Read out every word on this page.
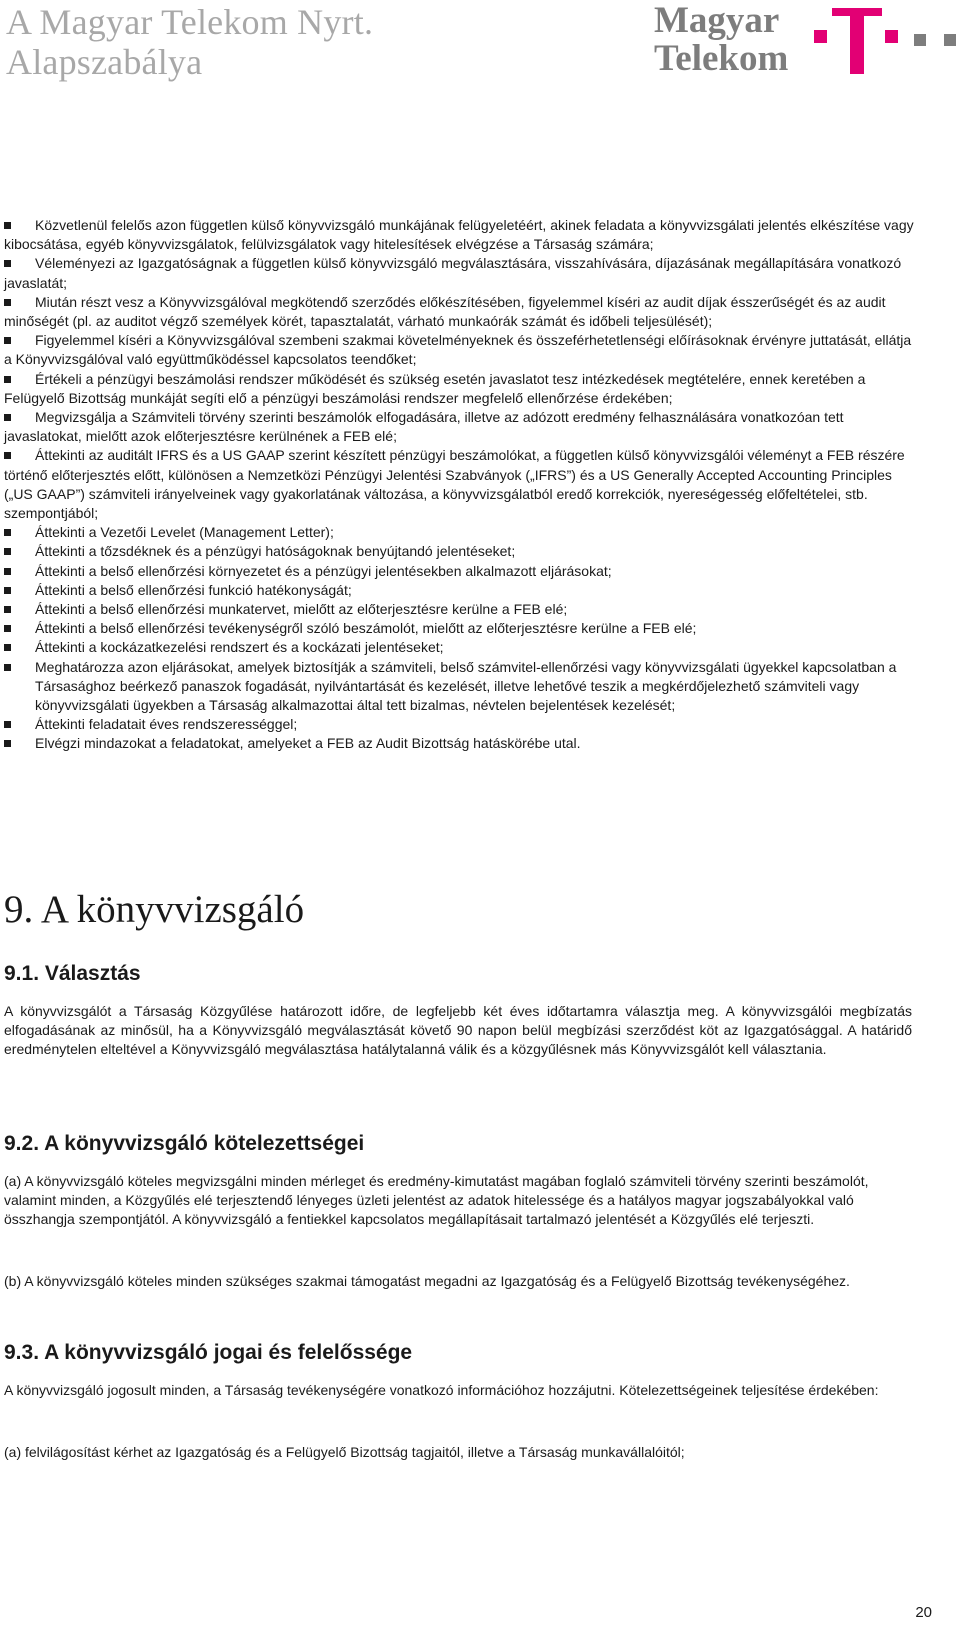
A Magyar Telekom Nyrt.
Alapszabálya
Magyar
Telekom
Közvetlenül felelős azon független külső könyvvizsgáló munkájának felügyeletéért, akinek feladata a könyvvizsgálati jelentés elkészítése vagy kibocsátása, egyéb könyvvizsgálatok, felülvizsgálatok vagy hitelesítések elvégzése a Társaság számára;
Véleményezi az Igazgatóságnak a független külső könyvvizsgáló megválasztására, visszahívására, díjazásának megállapítására vonatkozó javaslatát;
Miután részt vesz a Könyvvizsgálóval megkötendő szerződés előkészítésében, figyelemmel kíséri az audit díjak ésszerűségét és az audit minőségét (pl. az auditot végző személyek körét, tapasztalatát, várható munkaórák számát és időbeli teljesülését);
Figyelemmel kíséri a Könyvvizsgálóval szembeni szakmai követelményeknek és összeférhetetlenségi előírásoknak érvényre juttatását, ellátja a Könyvvizsgálóval való együttműködéssel kapcsolatos teendőket;
Értékeli a pénzügyi beszámolási rendszer működését és szükség esetén javaslatot tesz intézkedések megtételére, ennek keretében a Felügyelő Bizottság munkáját segíti elő a pénzügyi beszámolási rendszer megfelelő ellenőrzése érdekében;
Megvizsgálja a Számviteli törvény szerinti beszámolók elfogadására, illetve az adózott eredmény felhasználására vonatkozóan tett javaslatokat, mielőtt azok előterjesztésre kerülnének a FEB elé;
Áttekinti az auditált IFRS és a US GAAP szerint készített pénzügyi beszámolókat, a független külső könyvvizsgálói véleményt a FEB részére történő előterjesztés előtt, különösen a Nemzetközi Pénzügyi Jelentési Szabványok („IFRS”) és a US Generally Accepted Accounting Principles („US GAAP”) számviteli irányelveinek vagy gyakorlatának változása, a könyvvizsgálatból eredő korrekciók, nyereségesség előfeltételei, stb. szempontjából;
Áttekinti a Vezetői Levelet (Management Letter);
Áttekinti a tőzsdéknek és a pénzügyi hatóságoknak benyújtandó jelentéseket;
Áttekinti a belső ellenőrzési környezetet és a pénzügyi jelentésekben alkalmazott eljárásokat;
Áttekinti a belső ellenőrzési funkció hatékonyságát;
Áttekinti a belső ellenőrzési munkatervet, mielőtt az előterjesztésre kerülne a FEB elé;
Áttekinti a belső ellenőrzési tevékenységről szóló beszámolót, mielőtt az előterjesztésre kerülne a FEB elé;
Áttekinti a kockázatkezelési rendszert és a kockázati jelentéseket;
Meghatározza azon eljárásokat, amelyek biztosítják a számviteli, belső számvitel-ellenőrzési vagy könyvvizsgálati ügyekkel kapcsolatban a Társasághoz beérkező panaszok fogadását, nyilvántartását és kezelését, illetve lehetővé teszik a megkérdőjelezhető számviteli vagy könyvvizsgálati ügyekben a Társaság alkalmazottai által tett bizalmas, névtelen bejelentések kezelését;
Áttekinti feladatait éves rendszerességgel;
Elvégzi mindazokat a feladatokat, amelyeket a FEB az Audit Bizottság hatáskörébe utal.
9. A könyvvizsgáló
9.1. Választás
A könyvvizsgálót a Társaság Közgyűlése határozott időre, de legfeljebb két éves időtartamra választja meg. A könyvvizsgálói megbízatás elfogadásának az minősül, ha a Könyvvizsgáló megválasztását követő 90 napon belül megbízási szerződést köt az Igazgatósággal. A határidő eredménytelen elteltével a Könyvvizsgáló megválasztása hatálytalanná válik és a közgyűlésnek más Könyvvizsgálót kell választania.
9.2. A könyvvizsgáló kötelezettségei
(a) A könyvvizsgáló köteles megvizsgálni minden mérleget és eredmény-kimutatást magában foglaló számviteli törvény szerinti beszámolót, valamint minden, a Közgyűlés elé terjesztendő lényeges üzleti jelentést az adatok hitelessége és a hatályos magyar jogszabályokkal való összhangja szempontjától. A könyvvizsgáló a fentiekkel kapcsolatos megállapításait tartalmazó jelentését a Közgyűlés elé terjeszti.
(b) A könyvvizsgáló köteles minden szükséges szakmai támogatást megadni az Igazgatóság és a Felügyelő Bizottság tevékenységéhez.
9.3. A könyvvizsgáló jogai és felelőssége
A könyvvizsgáló jogosult minden, a Társaság tevékenységére vonatkozó információhoz hozzájutni. Kötelezettségeinek teljesítése érdekében:
(a) felvilágosítást kérhet az Igazgatóság és a Felügyelő Bizottság tagjaitól, illetve a Társaság munkavállalóitól;
20
